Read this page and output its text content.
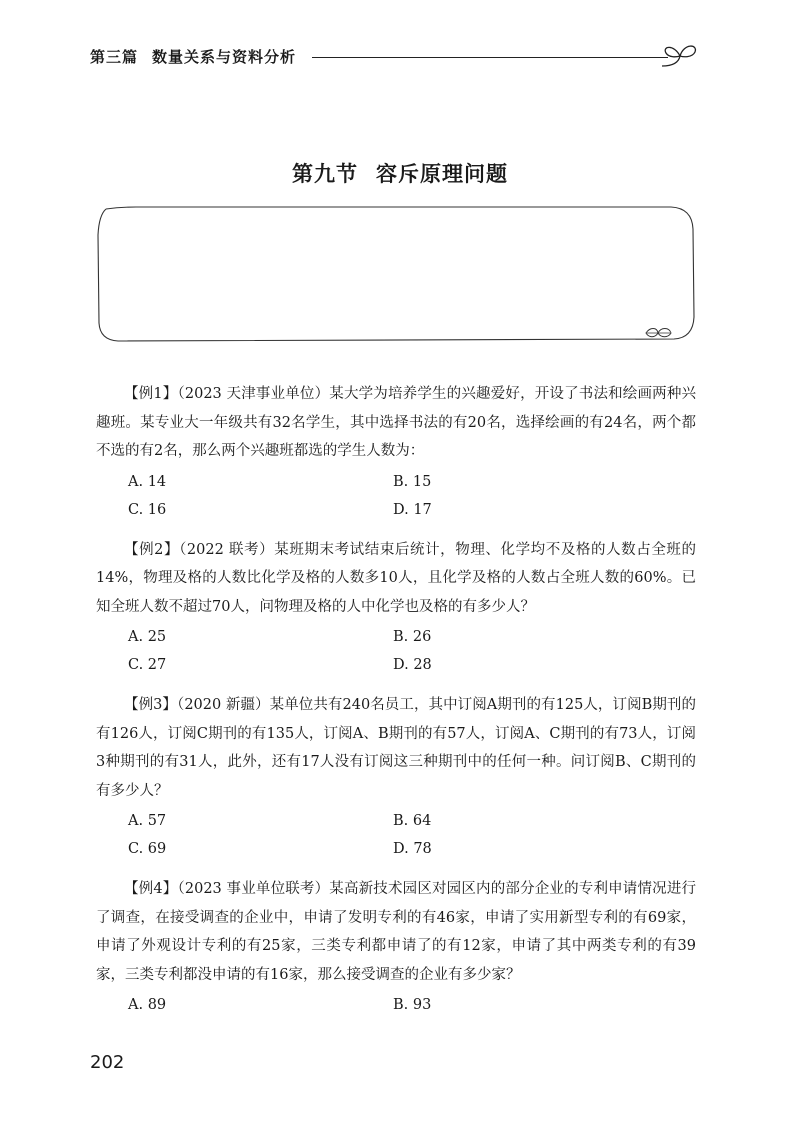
第三篇 数量关系与资料分析
第九节 容斥原理问题
【例1】（2023 天津事业单位）某大学为培养学生的兴趣爱好，开设了书法和绘画两种兴趣班。某专业大一年级共有32名学生，其中选择书法的有20名，选择绘画的有24名，两个都不选的有2名，那么两个兴趣班都选的学生人数为：
A. 14	B. 15
C. 16	D. 17
【例2】（2022 联考）某班期末考试结束后统计，物理、化学均不及格的人数占全班的14%，物理及格的人数比化学及格的人数多10人，且化学及格的人数占全班人数的60%。已知全班人数不超过70人，问物理及格的人中化学也及格的有多少人？
A. 25	B. 26
C. 27	D. 28
【例3】（2020 新疆）某单位共有240名员工，其中订阅A期刊的有125人，订阅B期刊的有126人，订阅C期刊的有135人，订阅A、B期刊的有57人，订阅A、C期刊的有73人，订阅3种期刊的有31人，此外，还有17人没有订阅这三种期刊中的任何一种。问订阅B、C期刊的有多少人？
A. 57	B. 64
C. 69	D. 78
【例4】（2023 事业单位联考）某高新技术园区对园区内的部分企业的专利申请情况进行了调查，在接受调查的企业中，申请了发明专利的有46家，申请了实用新型专利的有69家，申请了外观设计专利的有25家，三类专利都申请了的有12家，申请了其中两类专利的有39家，三类专利都没申请的有16家，那么接受调查的企业有多少家？
A. 89	B. 93
202
